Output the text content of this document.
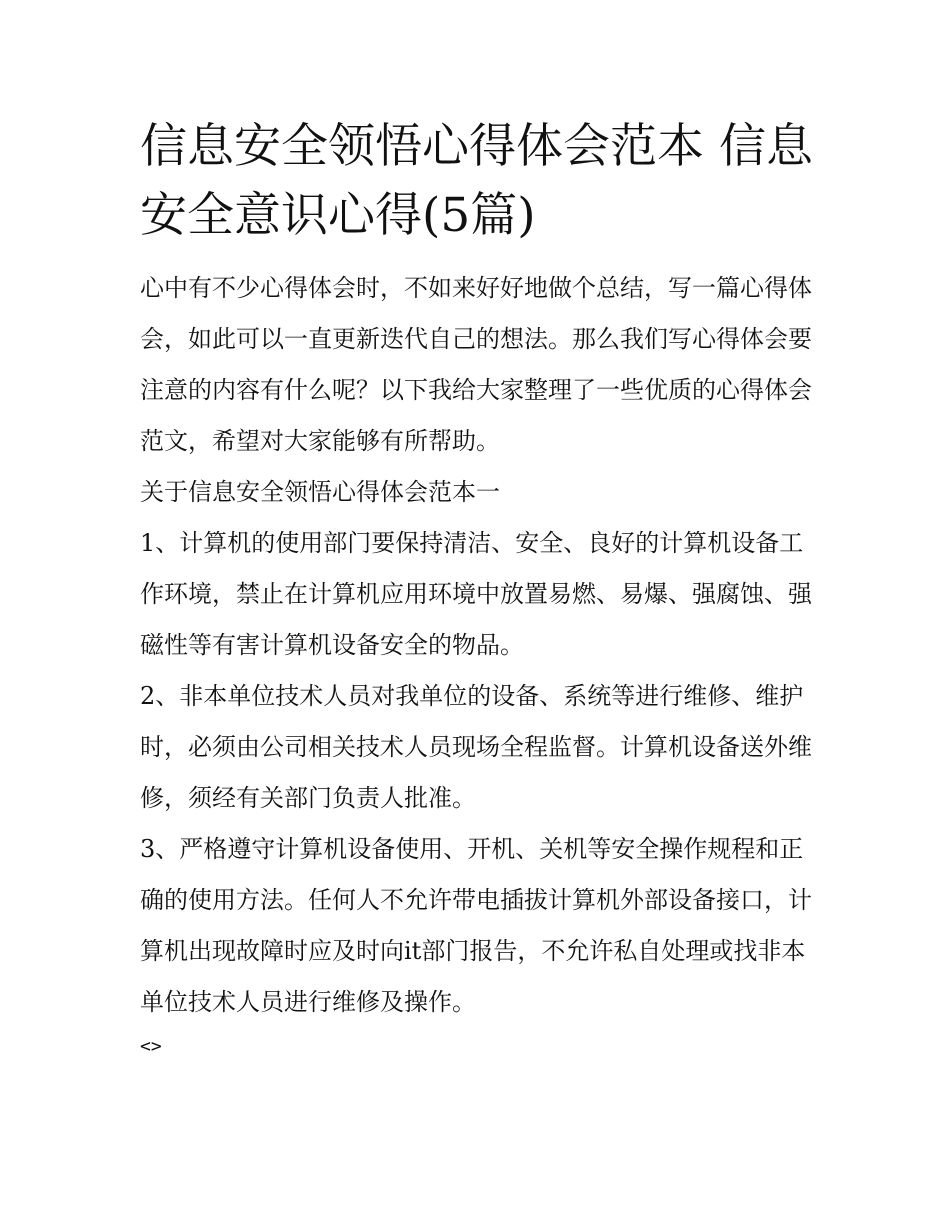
信息安全领悟心得体会范本 信息安全意识心得(5篇)

心中有不少心得体会时，不如来好好地做个总结，写一篇心得体会，如此可以一直更新迭代自己的想法。那么我们写心得体会要注意的内容有什么呢？以下我给大家整理了一些优质的心得体会范文，希望对大家能够有所帮助。

关于信息安全领悟心得体会范本一

1、计算机的使用部门要保持清洁、安全、良好的计算机设备工作环境，禁止在计算机应用环境中放置易燃、易爆、强腐蚀、强磁性等有害计算机设备安全的物品。

2、非本单位技术人员对我单位的设备、系统等进行维修、维护时，必须由公司相关技术人员现场全程监督。计算机设备送外维修，须经有关部门负责人批准。

3、严格遵守计算机设备使用、开机、关机等安全操作规程和正确的使用方法。任何人不允许带电插拔计算机外部设备接口，计算机出现故障时应及时向it部门报告，不允许私自处理或找非本单位技术人员进行维修及操作。

<>
